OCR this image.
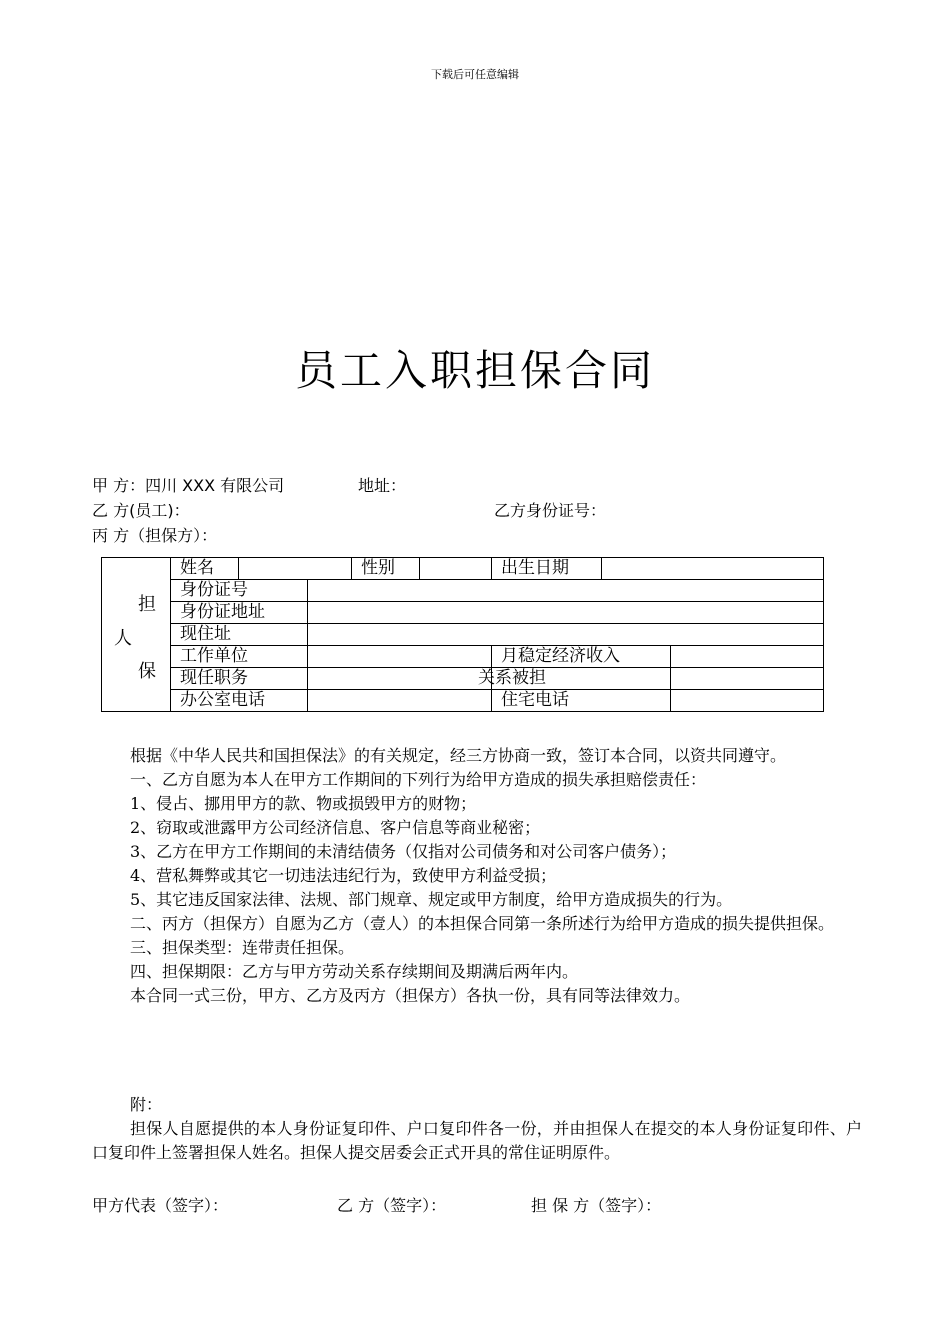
下载后可任意编辑
员工入职担保合同
甲 方：四川 XXX 有限公司	地址：
乙 方(员工)：	乙方身份证号：
丙 方（担保方）：
担
人
保	姓名			性别		出生日期		
	身份证号							
	身份证地址							
	现住址							
	工作单位					月稳定经济收入		
	现任职务					关系被担		
	办公室电话					住宅电话		

根据《中华人民共和国担保法》的有关规定，经三方协商一致，签订本合同，以资共同遵守。

一、乙方自愿为本人在甲方工作期间的下列行为给甲方造成的损失承担赔偿责任：

1、侵占、挪用甲方的款、物或损毁甲方的财物；

2、窃取或泄露甲方公司经济信息、客户信息等商业秘密；

3、乙方在甲方工作期间的未清结债务（仅指对公司债务和对公司客户债务）；

4、营私舞弊或其它一切违法违纪行为，致使甲方利益受损；

5、其它违反国家法律、法规、部门规章、规定或甲方制度，给甲方造成损失的行为。

二、丙方（担保方）自愿为乙方（壹人）的本担保合同第一条所述行为给甲方造成的损失提供担保。

三、担保类型：连带责任担保。

四、担保期限：乙方与甲方劳动关系存续期间及期满后两年内。

本合同一式三份，甲方、乙方及丙方（担保方）各执一份，具有同等法律效力。

附：

担保人自愿提供的本人身份证复印件、户口复印件各一份，并由担保人在提交的本人身份证复印件、户口复印件上签署担保人姓名。担保人提交居委会正式开具的常住证明原件。

甲方代表（签字）：	乙 方（签字）：	担 保 方（签字）：
